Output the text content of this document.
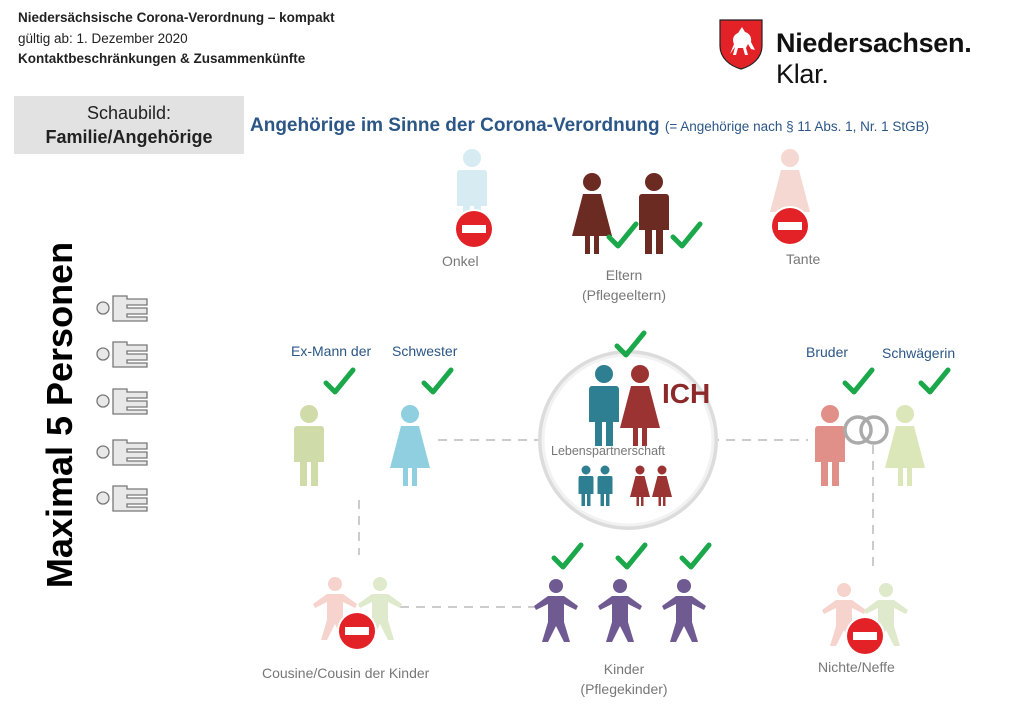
Niedersächsische Corona-Verordnung – kompakt
gültig ab: 1. Dezember 2020
Kontaktbeschränkungen & Zusammenkünfte
Niedersachsen. Klar.
Schaubild:
Familie/Angehörige
Angehörige im Sinne der Corona-Verordnung (= Angehörige nach § 11 Abs. 1, Nr. 1 StGB)
Maximal 5 Personen	Onkel
Eltern
(Pflegeeltern)
Tante
Ex-Mann der Schwester	Bruder Schwägerin
ICH
Lebenspartnerschaft
Cousine/Cousin der Kinder	Kinder
(Pflegekinder)
Nichte/Neffe
